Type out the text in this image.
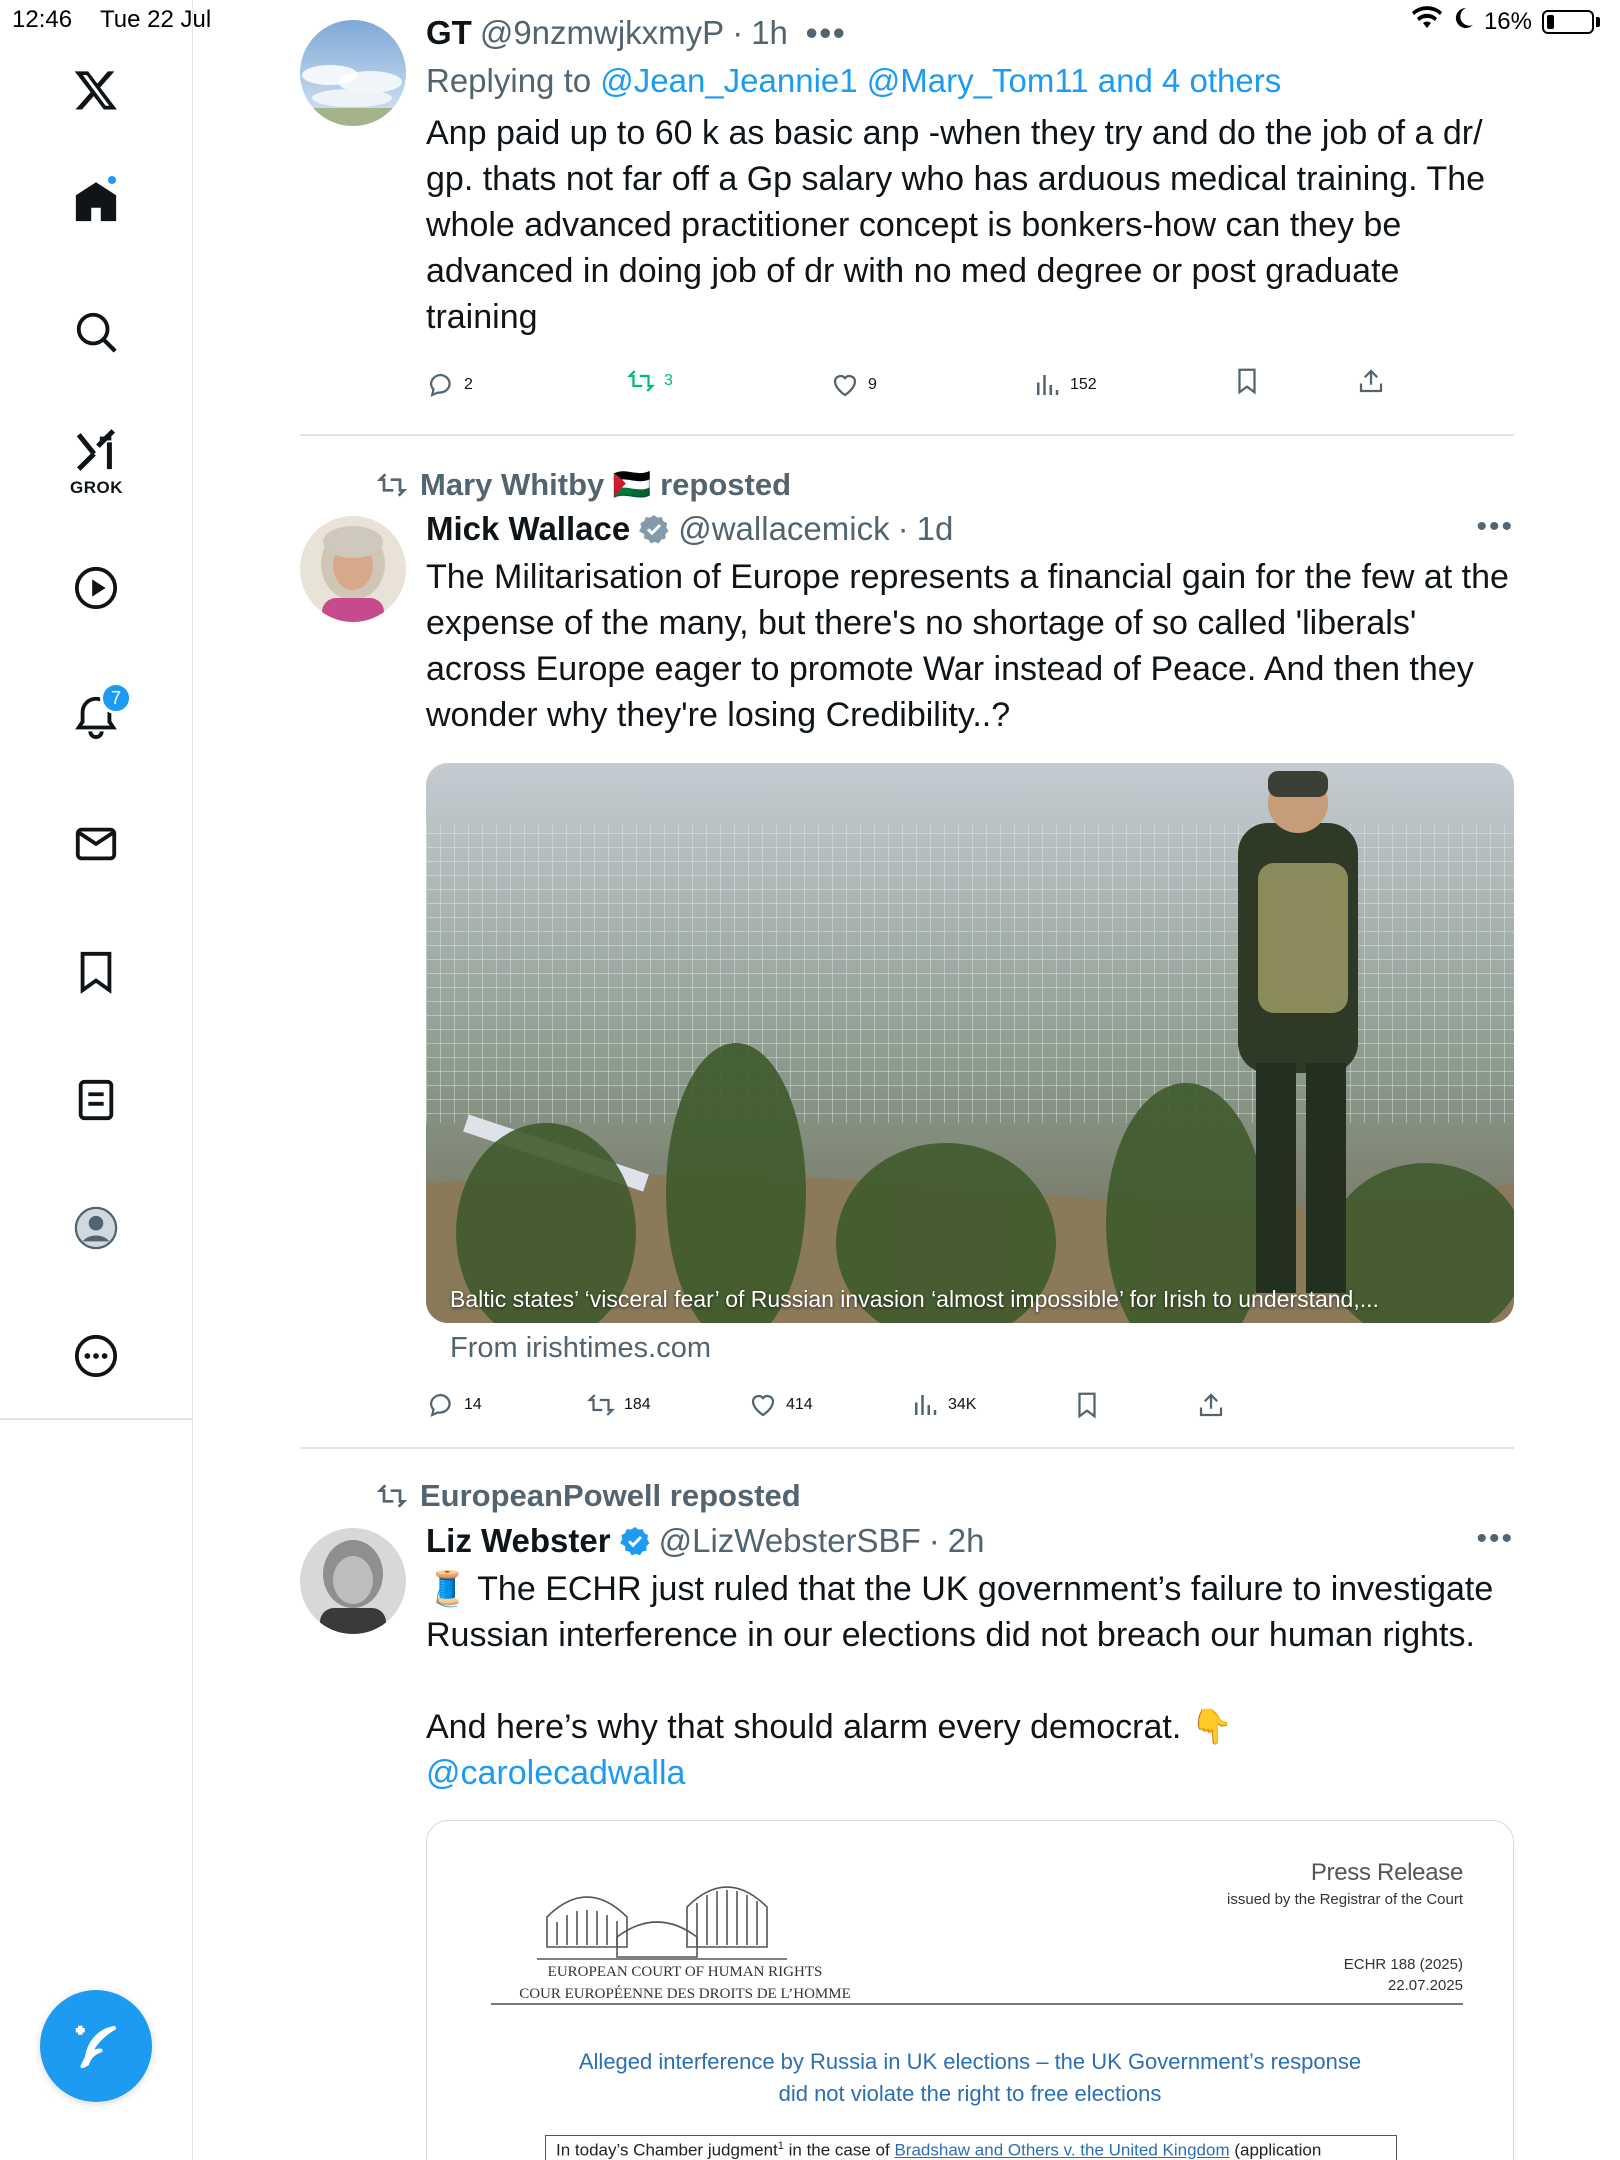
12:46 Tue 22 Jul	16%
GROK
7
GT @9nzmwjkxmyP · 1h •••
Replying to @Jean_Jeannie1 @Mary_Tom11 and 4 others
Anp paid up to 60 k as basic anp -when they try and do the job of a dr/ gp. thats not far off a Gp salary who has arduous medical training. The whole advanced practitioner concept is bonkers-how can they be advanced in doing job of dr with no med degree or post graduate training
2	3	9	152
Mary Whitby 🇵🇸 reposted
Mick Wallace @wallacemick · 1d	•••
The Militarisation of Europe represents a financial gain for the few at the expense of the many, but there's no shortage of so called 'liberals' across Europe eager to promote War instead of Peace. And then they wonder why they're losing Credibility..?
Baltic states’ ‘visceral fear’ of Russian invasion ‘almost impossible’ for Irish to understand,...
From irishtimes.com
14	184	414	34K
EuropeanPowell reposted
Liz Webster @LizWebsterSBF · 2h	•••
🧵 The ECHR just ruled that the UK government’s failure to investigate Russian interference in our elections did not breach our human rights.
And here’s why that should alarm every democrat. 👇
@carolecadwalla
EUROPEAN COURT OF HUMAN RIGHTS
COUR EUROPÉENNE DES DROITS DE L’HOMME
Press Release
issued by the Registrar of the Court
ECHR 188 (2025)
22.07.2025
Alleged interference by Russia in UK elections – the UK Government’s response
did not violate the right to free elections
In today’s Chamber judgment$^1$ in the case of Bradshaw and Others v. the United Kingdom (application
